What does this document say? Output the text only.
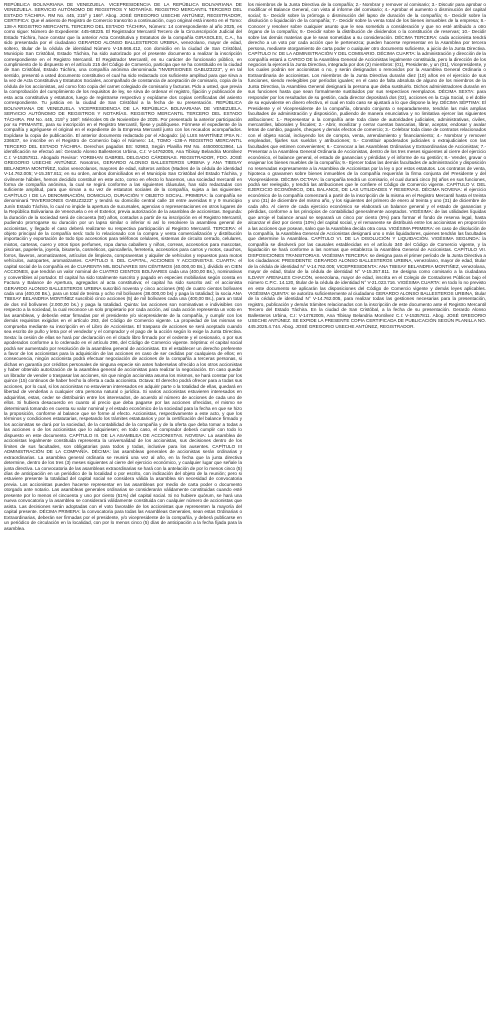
REPÚBLICA BOLIVARIANA DE VENEZUELA. VICEPRESIDENCIA DE LA REPÚBLICA BOLIVARIANA DE VENEZUELA. SERVICIO AUTÓNOMO DE REGISTROS Y NOTARÍAS. REGISTRO MERCANTIL TERCERO DEL ESTADO TÁCHIRA. RM No. 445, 215º y 166º. Abog. JOSÉ GREGORIO USECHE ANTÚNEZ, REGISTRADOR, CERTIFICA: Que el asiento de Registro de Comercio transcrito a continuación, cuyo original está inserto en el Tomo: 138-A REGISTRO MERCANTIL TERCERO DEL ESTADO TÁCHIRA, Número: 14 correspondiente al año 2025, es como sigue: Número de Expediente: 445-68225. El Registrador Mercantil Tercero de la Circunscripción Judicial del Estado Táchira, hace constar que la anterior Acta Constitutiva y Estatutos de la compañía GIRASOLES, C.A., ha sido presentada por el ciudadano GERARDO ALONSO BALLESTEROS URBINA, venezolano, mayor de edad, soltero, titular de la cédula de identidad Número V-19.666.412, con domicilio en la ciudad de San Cristóbal, Municipio San Cristóbal, Estado Táchira, ha sido autorizado por el presente documento a realizar la inscripción correspondiente en el Registro Mercantil. El Registrador Mercantil, en su carácter de funcionario público, en cumplimiento de lo dispuesto en el artículo 215 del Código de Comercio, participa que se ha constituido en la ciudad de San Cristóbal, Estado Táchira, una compañía anónima denominada "INVERSIONES GABUZ3223", y en tal sentido, presentó a usted documento constitutivo el cual ha sido redactado con suficiente amplitud para que sirva a la vez de Acta Constitutiva y Estatutos Sociales, acompañado de constancia de aceptación de comisario, copia de la cédula de los accionistas, así como foto copia del carnet colegiado de comisario y facturas. Pido a usted, que previa la comprobación del cumplimiento de los requisitos de ley, se sirva de ordenar el registro, fijación y publicación de esta acta constitutiva y estatutos, luego de registrarse respectivo y expídame dos copias certificadas del asiento correspondiente. Tu justicia en la ciudad de San Cristóbal a la fecha de su presentación. REPÚBLICA BOLIVARIANA DE VENEZUELA. VICEPRESIDENCIA DE LA REPÚBLICA BOLIVARIANA DE VENEZUELA. SERVICIO AUTÓNOMO DE REGISTROS Y NOTARÍAS. REGISTRO MERCANTIL TERCERO DEL ESTADO TÁCHIRA. RM No. 445, 215º y 166º. Miércoles 05 de Noviembre de 2025. Por presentado la anterior participación por su FIRMANTE, para su inscripción en el Registro Mercantil, fíjese y publíquese. Fórmese el expediente de la compañía y agréguese el original en el expediente de la Empresa Mercantil junto con los recaudos acompañados. Expídase la copia de publicación. El anterior documento redactado por el Abogado: (a) LUIS MARTÍNEZ IPSA N.: 236637, se inscribe en el Registro de Comercio bajo el Número: 14, TOMO -138-A REGISTRO MERCANTIL TERCERO DEL ESTADO TÁCHIRA. Derechos pagados BS: 92963, Según Planilla RM No. 445000013964. La identificación se efectuó así: Gerardo Alonso Ballesteros Urbina, C.I: V-14762005, Ana Tibisay Belandria Montilvez C.I: V-15357811. Abogado Revisor: YORBHAN GABRIEL DELGADO CÁRDENAS. REGISTRADOR, FDO. JOSÉ GREGORIO USECHE ANTÚNEZ. Nosotros, GERARDO ALONSO BALLESTEROS URBINA y ANA TIBISAY BELANDRIA MONTIÑEZ, todos venezolanos, mayores de edad, solteros ambos (Madres de la cédula de identidad V-14.762.005; V-15.357.811; en su orden, ambos domiciliados en el Municipio San Cristóbal del Estado Táchira, y civilmente hábiles, hemos decidido constituir en este acto, como en efecto lo hacemos, una sociedad mercantil en forma de compañía anónima, la cual se regirá conforme a las siguientes cláusulas, han sido redactadas con suficiente amplitud, para que sirvan a su vez de estatutos sociales de la compañía, sujeta a las siguientes: CAPÍTULO I DE LA DENOMINACIÓN, DOMICILIO, DURACIÓN Y OBJETO SOCIAL. PRIMERA: la compañía se denominará "INVERSIONES GABUZ3223" y tendrá su domicilio central calle 18 entre avenidas 8 y 9 municipio Junín Estado Táchira, lo cual no impide la apertura de sucursales, agencias o representaciones en otros lugares de la República Bolivariana de Venezuela o en el Exterior, previa autorización de la asamblea de accionistas. Segunda: la duración de la sociedad será de cincuenta (50) años, contados a partir de su inscripción en el Registro Mercantil, pudiendo prorrogarse su duración por un lapso similar o inferior si así lo resolviere la asamblea general de accionistas, y llegado el caso deberá realizarse su respectiva participación al Registro Mercantil. TERCERA: el objeto principal de la compañía será: todo lo relacionado con la compra y venta comercialización y distribución importación y exportación de todo tipo accesorios para teléfonos celulares, sistemas de circuito cerrado, celulares, mixtos, carteras, cuero y otros tipos perfumes, ropa dama caballero y niños, correas, accesorios para mascotas, piscinas, papelería, joyería, bisutería, cosméticos, quincallería, ferretería, accesorios para carros y motos, cauchos, forros, llaveros, aromatizantes, artículos de limpieza, compraventas y alquiler de vehículos y repuestos para motos vehículos, autopartes, aromatizantes. CAPÍTULO II. DEL CAPITAL, ACCIONES Y ACCIONISTAS. CUARTA: el capital social de la compañía es de CUARENTA MIL BOLÍVARES SIN CÉNTIMOS (40.000,00 Bs.), dividido en CIEN ACCIONES, que tendrán un valor nominal de CUATRO CIENTOS BOLÍVARES cada una (400,00 Bs.), nominativas y convertibles al portador. El capital ha sido totalmente suscrito y pagado en especies mobiliarias según consta en Factura y Balance de Apertura, agregados al acta constitutiva; el capital ha sido suscrito así: el accionista GERARDO ALONSO BALLESTEROS URBINA suscribió noventa y cinco acciones (95) de cuatro cientos bolívares cada una (400,00 Bs.), para un total de treinta y ocho mil bolívares (38.000,00 bs) y paga la totalidad; la socia ANA TIBISAY BELANDRIA MONTIÑEZ suscribió cinco acciones (5) de mil bolívares cada una (400,00 Bs.), para un total de dos mil bolívares (2.000,00 bs.) y paga la totalidad. Quinta: las acciones son nominativas e indivisibles con respecto a la sociedad, la cual reconoce un solo propietario por cada acción, así cada acción representa un voto en las asambleas, y deberán estar firmadas por el presidente y/o vicepresidente de la compañía, y cumplir con los demás requisitos exigidos en el artículo 293, del Código de Comercio vigente. La propiedad de las mismas se comprueba mediante su inscripción en el Libro de Accionistas. El traspaso de acciones se será aceptado cuando sea escrito de puño y letra por el vendedor y el comprador y el pago de la acción según lo exige la Junta Directiva. Sexta: la cesión de ellas se hará por declaración en el citado libro firmado por el cedente y el cesionario, o por sus apoderados conforme a lo ordenado en el artículo 296, del Código de Comercio vigente. Séptima: el capital social podrá ser aumentado por resolución de la asamblea general de accionistas. En el establecer un derecho preferente a favor de los accionistas para la adquisición de las acciones en caso de ser cedidas por cualquiera de ellos; en consecuencia, ningún accionista podrá efectuar negociación de acciones de la compañía a terceras personas, si dichas en garantía por créditos personales de ninguna especie sin antes haberselas ofrecido a los otros accionistas y haber obtenido autorización de la asamblea general de accionistas para realizar la negociación. En caso quedar un librador de vender o traspasar las acciones, sin que ningún accionista asuma los mismos, se hará constar por los quince (15) continuos de haber hecho la oferta a cada accionista. Octava: El derecho podrá ofrecer para a todas sus acciones, por lo cual, si los accionistas no estuvieran interesados en adquirir parte o la totalidad de ellas, quedará en libertad de venderlas a cualquier otra persona natural o jurídica. Si varios accionistas estuvieren interesados en adquirirlas, estas, ceder se distribuirán entre los interesados, de acuerdo al número de acciones de cada uno de ellos. Si hubiera desacuerdo en cuanto al precio que deba pagarse por las acciones ofrecidas, el mismo se determinará tomando en cuenta su valor nominal y el estado económico de la sociedad para la fecha en que se hizo la proposición, conforme al balance que se forme al efecto. Accionistas, respectivamente a este acto, y que los términos y condiciones estatutarias, respetando los trámites estatutarios y por la certificación del balance firmado y los accionistas se dará por la sociedad, de la contabilidad de la compañía y de la oferta que deba tomar a todas a las acciones o de los accionistas que lo adquiriesen; en todo caso, el comprador deberá cumplir con todo lo dispuesto en este documento. CAPÍTULO III. DE LA ASAMBLEA DE ACCIONISTAS. NOVENA: La asamblea de accionistas legalmente constituida representa la universalidad de los accionistas, sus decisiones dentro de los límites de sus facultades, son obligatorias para todos y todas, inclusive para los ausentes. CAPÍTULO III ADMINISTRACIÓN DE LA COMPAÑÍA. DÉCIMA: las asambleas generales de accionistas serán ordinarias y extraordinarias. La asamblea general ordinaria se reunirá una vez al año, en la fecha que la junta directiva determine, dentro de los tres (3) meses siguientes al cierre del ejercicio económico, y cualquier lugar que señale la junta directiva. La convocatoria de las asambleas extraordinarias se hará con la antelación de por lo menos cinco (5) días de anticipación en un periódico de la localidad o por escrito, con indicación del objeto de la reunión; pero si estuviere presente la totalidad del capital social se considera válida la asamblea sin necesidad de convocatoria previa. Los accionistas pueden hacerse representar en las asambleas por medio de carta poder o documento otorgado ante notario. Las asambleas generales ordinarias se considerarán válidamente constituidas cuando esté presente por lo menos el cincuenta y uno por ciento (51%) del capital social. Si no hubiere quórum, se hará una nueva convocatoria y la asamblea se considerará válidamente constituida con cualquier número de accionistas que asista. Las decisiones serán adoptadas con el voto favorable de los accionistas que representen la mayoría del capital presente. DÉCIMA PRIMERA: la convocatoria para todas las Asambleas Generales, sean estas Ordinarias o Extraordinarias, deberán ser firmadas por el presidente, y/o vicepresidente de la compañía, y deberá publicarse en un periódico de circulación en la localidad, con por lo menos cinco (5) días de anticipación a la fecha fijada para la asamblea.

los miembros de la Junta Directiva de la compañía; 2.- Nombrar y remover al comisario; 3.- Discutir para aprobar o modificar el Balance General, con vista al informe del comisario; 4.- Aprobar el aumento o disminución del capital social; 5.- Decidir sobre la prórroga o disminución del lapso de duración de la compañía; 6.- Decidir sobre la disolución o liquidación de la compañía; 7.- Decidir sobre la venta total de los bienes inmuebles de la empresa; 8.- Conocer y resolver sobre cualquier asunto que le sea sometido a consideración y que no esté atribuido a otro órgano de la compañía; 9.- Decidir sobre la distribución de dividendos o la constitución de reservas; 10.- Decidir sobre las demás materias que le sean sometidas a su consideración. DÉCIMA TERCERA: cada accionista tendrá derecho a un voto por cada acción que le pertenezca; pueden hacerse representar en la Asamblea por tercera persona, mediante otorgamiento de carta poder o cualquier otro documento suficiente, a juicio de la Junta Directiva. CAPÍTULO IV. DE LA ADMINISTRACIÓN Y DEL COMISARIO. DÉCIMA CUARTA: la administración y dirección de la compañía estará a CARGO DE la Asamblea General de Accionistas legalmente constituida, pero la dirección de los negocios la ejercerá la Junta Directiva, integrada por dos (2) miembros: (01), Presidente, y un (01), Vicepresidente, y los cuales podrán ser accionistas o no, y serán designados o removidos por la Asamblea General Ordinaria o Extraordinaria de accionistas. Los miembros de la Junta Directiva durarán diez (10) años en el ejercicio de sus funciones, siendo reelegibles por períodos iguales; en el caso de falta absoluta de alguno de los miembros de la Junta Directiva, la Asamblea General designará la persona que deba sustituirlo. Dichos administradores durarán en sus funciones hasta que sean formalmente sustituidos por sus respectivos reemplazos. DÉCIMA SEXTA: para responder por los resultados de su gestión, cada director depositará dos (02), acciones en la Caja Social, o el doble de su equivalente en dinero efectivo, el cual en todo caso se ajustará a lo que dispone la ley. DÉCIMA SÉPTIMA: El Presidente y el Vicepresidente de la compañía, obrando conjunta o separadamente, tendrán las más amplias facultades de administración y disposición, pudiendo de manera enunciativa y no limitativa ejercer las siguientes atribuciones: 1.- Representar a la compañía ante toda clase de autoridades judiciales, administrativas, civiles, mercantiles, laborales y fiscales; 2.- Abrir, movilizar y cerrar cuentas bancarias, librar, aceptar, endosar y avalar letras de cambio, pagarés, cheques y demás efectos de comercio; 3.- Celebrar toda clase de contratos relacionados con el objeto social, incluyendo los de compra, venta, arrendamiento y financiamiento; 4.- Nombrar y remover empleados, fijarles sus sueldos y atribuciones; 5.- Constituir apoderados judiciales o extrajudiciales con las facultades que estimen convenientes; 6.- Convocar a las Asambleas Ordinarias y Extraordinarias de Accionistas; 7.- Presentar a la Asamblea General Ordinaria de Accionistas, dentro de los tres meses siguientes al cierre del ejercicio económico, el balance general, el estado de ganancias y pérdidas y el informe de su gestión; 8.- Vender, gravar o enajenar los bienes muebles de la compañía; 9.- Ejercer todas las demás facultades de administración y disposición no reservadas expresamente a la Asamblea de Accionistas por la ley o por estos estatutos. Los contratos de venta, hipoteca o gravamen sobre bienes inmuebles de la compañía requerirán la firma conjunta del Presidente y del Vicepresidente. DÉCIMA OCTAVA: la compañía tendrá un comisario, el cual durará cinco (5) años en sus funciones, podrá ser reelegido, y tendrá las atribuciones que le confiere el Código de Comercio vigente. CAPÍTULO V. DEL EJERCICIO ECONÓMICO, DEL BALANCE, DE LAS UTILIDADES Y RESERVAS. DÉCIMA NOVENA: el ejercicio económico de la compañía comenzará a partir de la inscripción de la misma en el Registro Mercantil hasta el treinta y uno (31) de diciembre del mismo año, y los siguientes del primero de enero al treinta y uno (31) de diciembre de cada año. Al cierre de cada ejercicio económico se elaborará un balance general y el estado de ganancias y pérdidas, conforme a los principios de contabilidad generalmente aceptados. VIGÉSIMA: de las utilidades líquidas que arroje el balance anual se separará un cinco por ciento (5%) para formar el fondo de reserva legal, hasta alcanzar el diez por ciento (10%) del capital social, y el remanente se distribuirá entre los accionistas en proporción a las acciones que posean, salvo que la Asamblea decida otra cosa. VIGÉSIMA PRIMERA: en caso de disolución de la compañía, la Asamblea General de Accionistas designará uno o más liquidadores, quienes tendrán las facultades que determine la Asamblea. CAPÍTULO VI. DE LA DISOLUCIÓN Y LIQUIDACIÓN. VIGÉSIMA SEGUNDA: la compañía se disolverá por las causales establecidas en el artículo 340 del Código de Comercio vigente, y la liquidación se hará conforme a las normas que establezca la Asamblea General de Accionistas. CAPÍTULO VII. DISPOSICIONES TRANSITORIAS. VIGÉSIMA TERCERA: se designa para el primer período de la Junta Directiva a los ciudadanos: PRESIDENTE: GERARDO ALONSO BALLESTEROS URBINA, venezolano, mayor de edad, titular de la cédula de identidad N° V-14.762.005; VICEPRESIDENTA: ANA TIBISAY BELANDRIA MONTIÑEZ, venezolana, mayor de edad, titular de la cédula de identidad N° V-15.357.811. Se designa como comisario a la ciudadana ILDANY ARENALES CHACÓN, venezolana, mayor de edad, inscrita en el Colegio de Contadores Públicos bajo el número C.P.C. 14.120, titular de la cédula de identidad N° V-21.023.716. VIGÉSIMA CUARTA: en todo lo no previsto en este documento se aplicarán las disposiciones del Código de Comercio vigente y demás leyes aplicables. VIGÉSIMA QUINTA: se autoriza suficientemente al ciudadano GERARDO ALONSO BALLESTEROS URBINA, titular de la cédula de identidad N° V-14.762.005, para realizar todas las gestiones necesarias para la presentación, registro, publicación y demás trámites relacionados con la inscripción de este documento ante el Registro Mercantil Tercero del Estado Táchira. En la ciudad de San Cristóbal, a la fecha de su presentación. Gerardo Alonso Ballesteros Urbina, C.I: V-14762005, Ana Tibisay Belandria Montilvez C.I: V-15357811. Abog. JOSÉ GREGORIO USECHE ANTÚNEZ. SE EXPIDE LA PRESENTE COPIA CERTIFICADA DE PUBLICACIÓN SEGÚN PLANILLA NO. 445.2025.4.744. Abog. JOSÉ GREGORIO USECHE ANTÚNEZ, REGISTRADOR.
